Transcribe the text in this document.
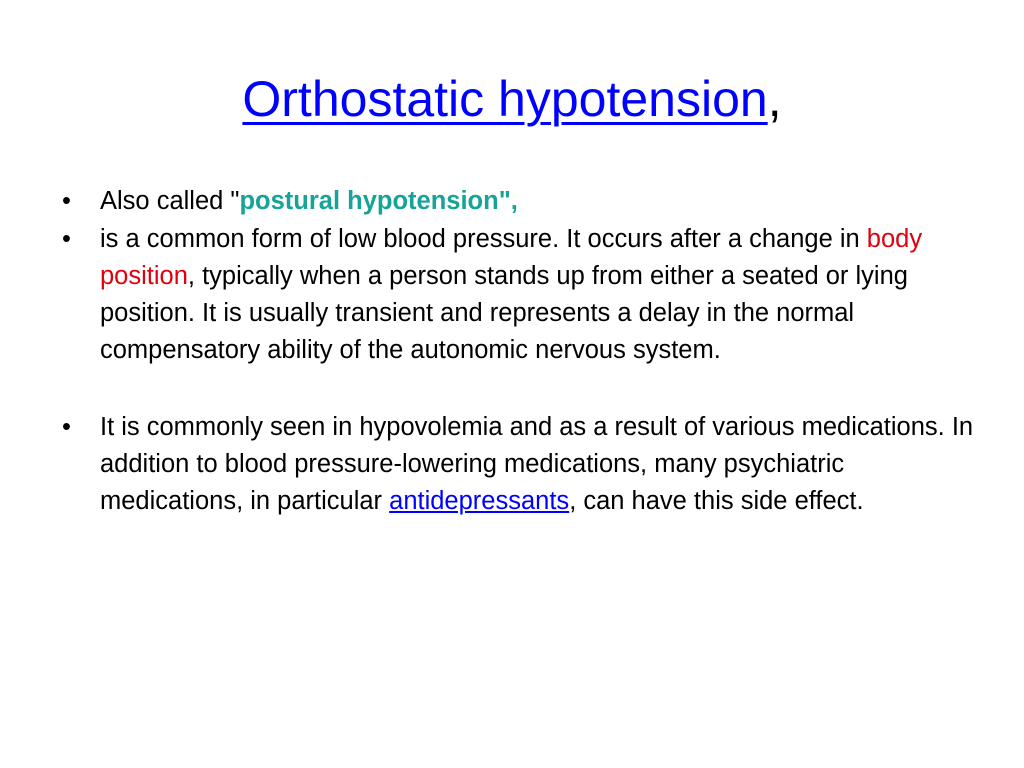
Orthostatic hypotension,
•	Also called "postural hypotension",
•	is a common form of low blood pressure. It occurs after a change in body position, typically when a person stands up from either a seated or lying position. It is usually transient and represents a delay in the normal compensatory ability of the autonomic nervous system.
•	It is commonly seen in hypovolemia and as a result of various medications. In addition to blood pressure-lowering medications, many psychiatric medications, in particular antidepressants, can have this side effect.
